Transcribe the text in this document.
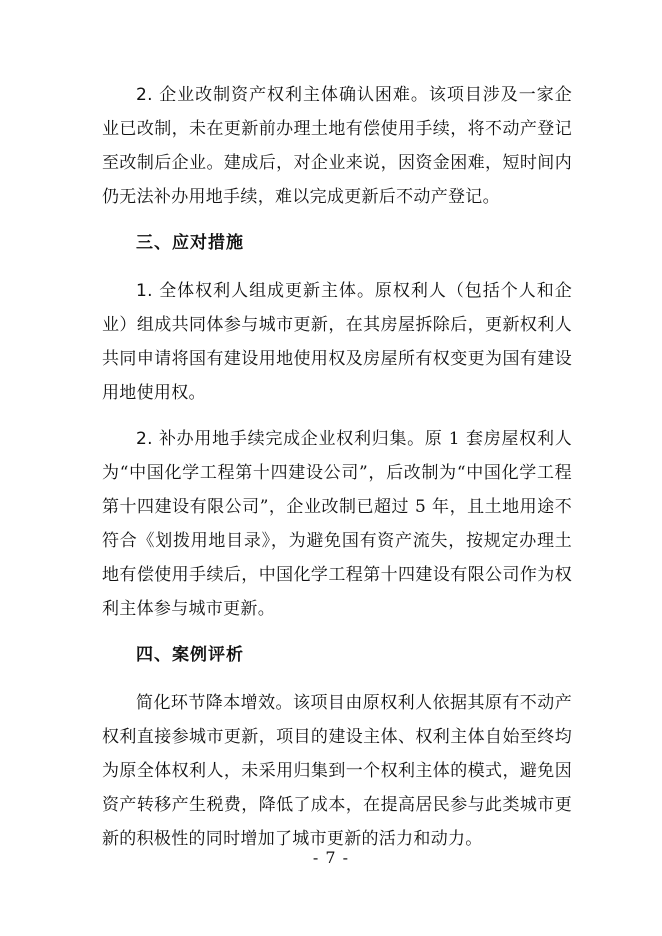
2. 企业改制资产权利主体确认困难。该项目涉及一家企业已改制，未在更新前办理土地有偿使用手续，将不动产登记至改制后企业。建成后，对企业来说，因资金困难，短时间内仍无法补办用地手续，难以完成更新后不动产登记。

三、应对措施

1. 全体权利人组成更新主体。原权利人（包括个人和企业）组成共同体参与城市更新，在其房屋拆除后，更新权利人共同申请将国有建设用地使用权及房屋所有权变更为国有建设用地使用权。

2. 补办用地手续完成企业权利归集。原 1 套房屋权利人为“中国化学工程第十四建设公司”，后改制为“中国化学工程第十四建设有限公司”，企业改制已超过 5 年，且土地用途不符合《划拨用地目录》，为避免国有资产流失，按规定办理土地有偿使用手续后，中国化学工程第十四建设有限公司作为权利主体参与城市更新。

四、案例评析

简化环节降本增效。该项目由原权利人依据其原有不动产权利直接参城市更新，项目的建设主体、权利主体自始至终均为原全体权利人，未采用归集到一个权利主体的模式，避免因资产转移产生税费，降低了成本，在提高居民参与此类城市更新的积极性的同时增加了城市更新的活力和动力。

- 7 -
